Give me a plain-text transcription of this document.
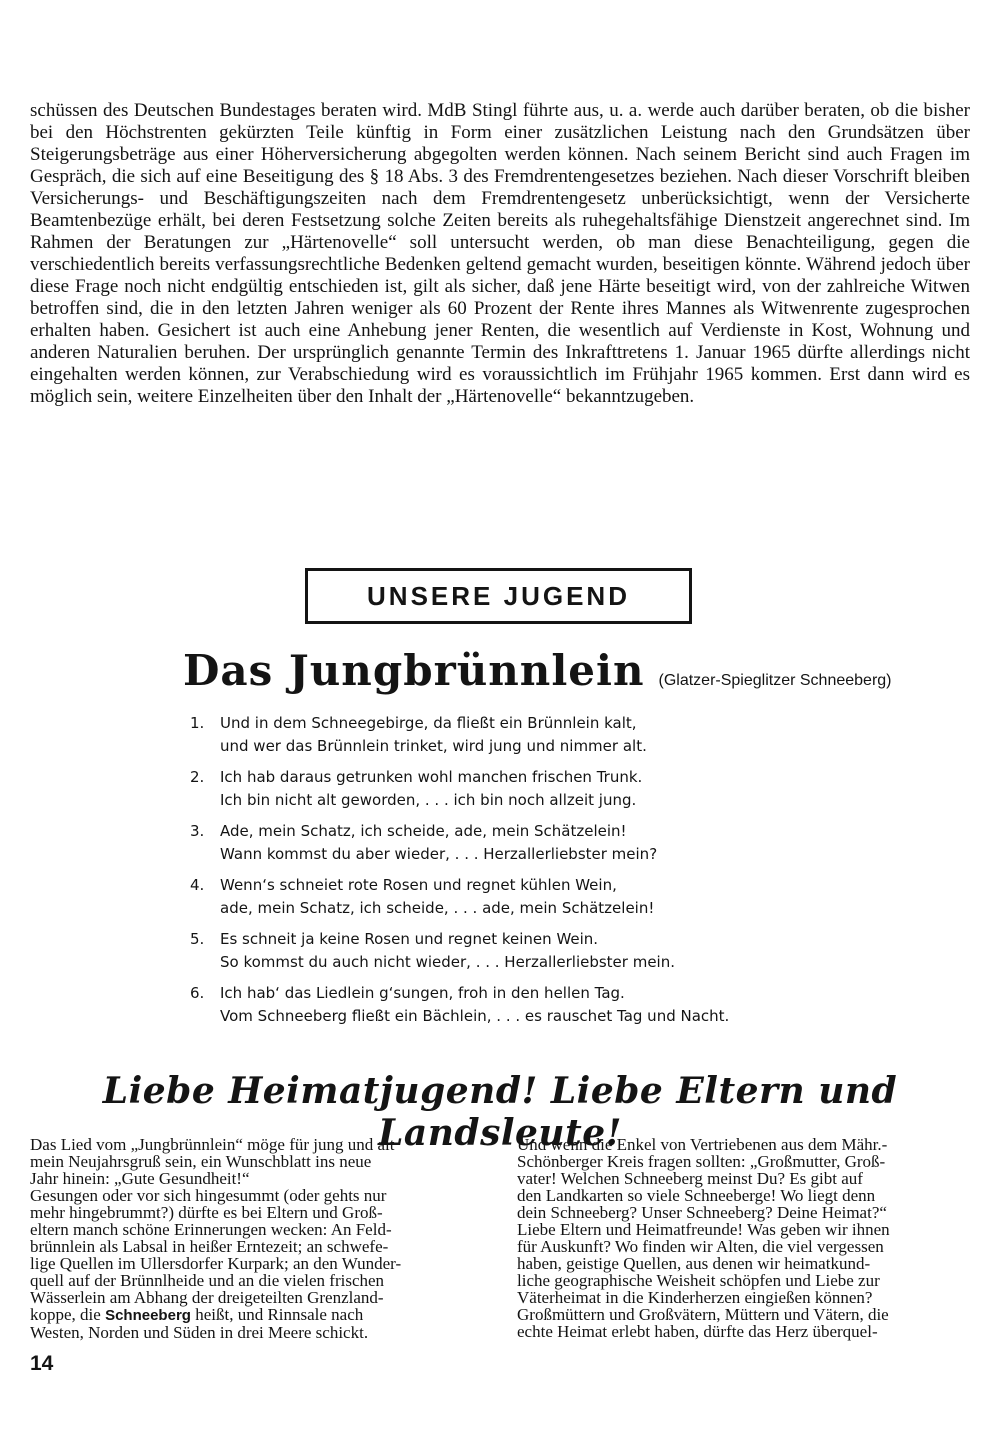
schüssen des Deutschen Bundestages beraten wird. MdB Stingl führte aus, u. a. werde auch darüber beraten, ob die bisher bei den Höchstrenten gekürzten Teile künftig in Form einer zusätzlichen Leistung nach den Grundsätzen über Steigerungsbeträge aus einer Höherversicherung abgegolten werden können. Nach seinem Bericht sind auch Fragen im Gespräch, die sich auf eine Beseitigung des § 18 Abs. 3 des Fremdrentengesetzes beziehen. Nach dieser Vorschrift bleiben Versicherungs- und Beschäftigungszeiten nach dem Fremdrentengesetz unberücksichtigt, wenn der Versicherte Beamtenbezüge erhält, bei deren Festsetzung solche Zeiten bereits als ruhegehaltsfähige Dienstzeit angerechnet sind. Im Rahmen der Beratungen zur „Härtenovelle“ soll untersucht werden, ob man diese Benachteiligung, gegen die verschiedentlich bereits verfassungsrechtliche Bedenken geltend gemacht wurden, beseitigen könnte. Während jedoch über diese Frage noch nicht endgültig entschieden ist, gilt als sicher, daß jene Härte beseitigt wird, von der zahlreiche Witwen betroffen sind, die in den letzten Jahren weniger als 60 Prozent der Rente ihres Mannes als Witwenrente zugesprochen erhalten haben. Gesichert ist auch eine Anhebung jener Renten, die wesentlich auf Verdienste in Kost, Wohnung und anderen Naturalien beruhen. Der ursprünglich genannte Termin des Inkrafttretens 1. Januar 1965 dürfte allerdings nicht eingehalten werden können, zur Verabschiedung wird es voraussichtlich im Frühjahr 1965 kommen. Erst dann wird es möglich sein, weitere Einzelheiten über den Inhalt der „Härtenovelle“ bekanntzugeben.

UNSERE JUGEND
Das Jungbrünnlein (Glatzer-Spieglitzer Schneeberg)
1.	Und in dem Schneegebirge, da fließt ein Brünnlein kalt,
und wer das Brünnlein trinket, wird jung und nimmer alt.
2.	Ich hab daraus getrunken wohl manchen frischen Trunk.
Ich bin nicht alt geworden, . . . ich bin noch allzeit jung.
3.	Ade, mein Schatz, ich scheide, ade, mein Schätzelein!
Wann kommst du aber wieder, . . . Herzallerliebster mein?
4.	Wenn‘s schneiet rote Rosen und regnet kühlen Wein,
ade, mein Schatz, ich scheide, . . . ade, mein Schätzelein!
5.	Es schneit ja keine Rosen und regnet keinen Wein.
So kommst du auch nicht wieder, . . . Herzallerliebster mein.
6.	Ich hab‘ das Liedlein g‘sungen, froh in den hellen Tag.
Vom Schneeberg fließt ein Bächlein, . . . es rauschet Tag und Nacht.
Liebe Heimatjugend! Liebe Eltern und Landsleute!

Das Lied vom „Jungbrünnlein“ möge für jung und alt
mein Neujahrsgruß sein, ein Wunschblatt ins neue
Jahr hinein: „Gute Gesundheit!“
Gesungen oder vor sich hingesummt (oder gehts nur
mehr hingebrummt?) dürfte es bei Eltern und Groß-
eltern manch schöne Erinnerungen wecken: An Feld-
brünnlein als Labsal in heißer Erntezeit; an schwefe-
lige Quellen im Ullersdorfer Kurpark; an den Wunder-
quell auf der Brünnlheide und an die vielen frischen
Wässerlein am Abhang der dreigeteilten Grenzland-
koppe, die Schneeberg heißt, und Rinnsale nach
Westen, Norden und Süden in drei Meere schickt.

Und wenn die Enkel von Vertriebenen aus dem Mähr.-
Schönberger Kreis fragen sollten: „Großmutter, Groß-
vater! Welchen Schneeberg meinst Du? Es gibt auf
den Landkarten so viele Schneeberge! Wo liegt denn
dein Schneeberg? Unser Schneeberg? Deine Heimat?“
Liebe Eltern und Heimatfreunde! Was geben wir ihnen
für Auskunft? Wo finden wir Alten, die viel vergessen
haben, geistige Quellen, aus denen wir heimatkund-
liche geographische Weisheit schöpfen und Liebe zur
Väterheimat in die Kinderherzen eingießen können?
Großmüttern und Großvätern, Müttern und Vätern, die
echte Heimat erlebt haben, dürfte das Herz überquel-

14
